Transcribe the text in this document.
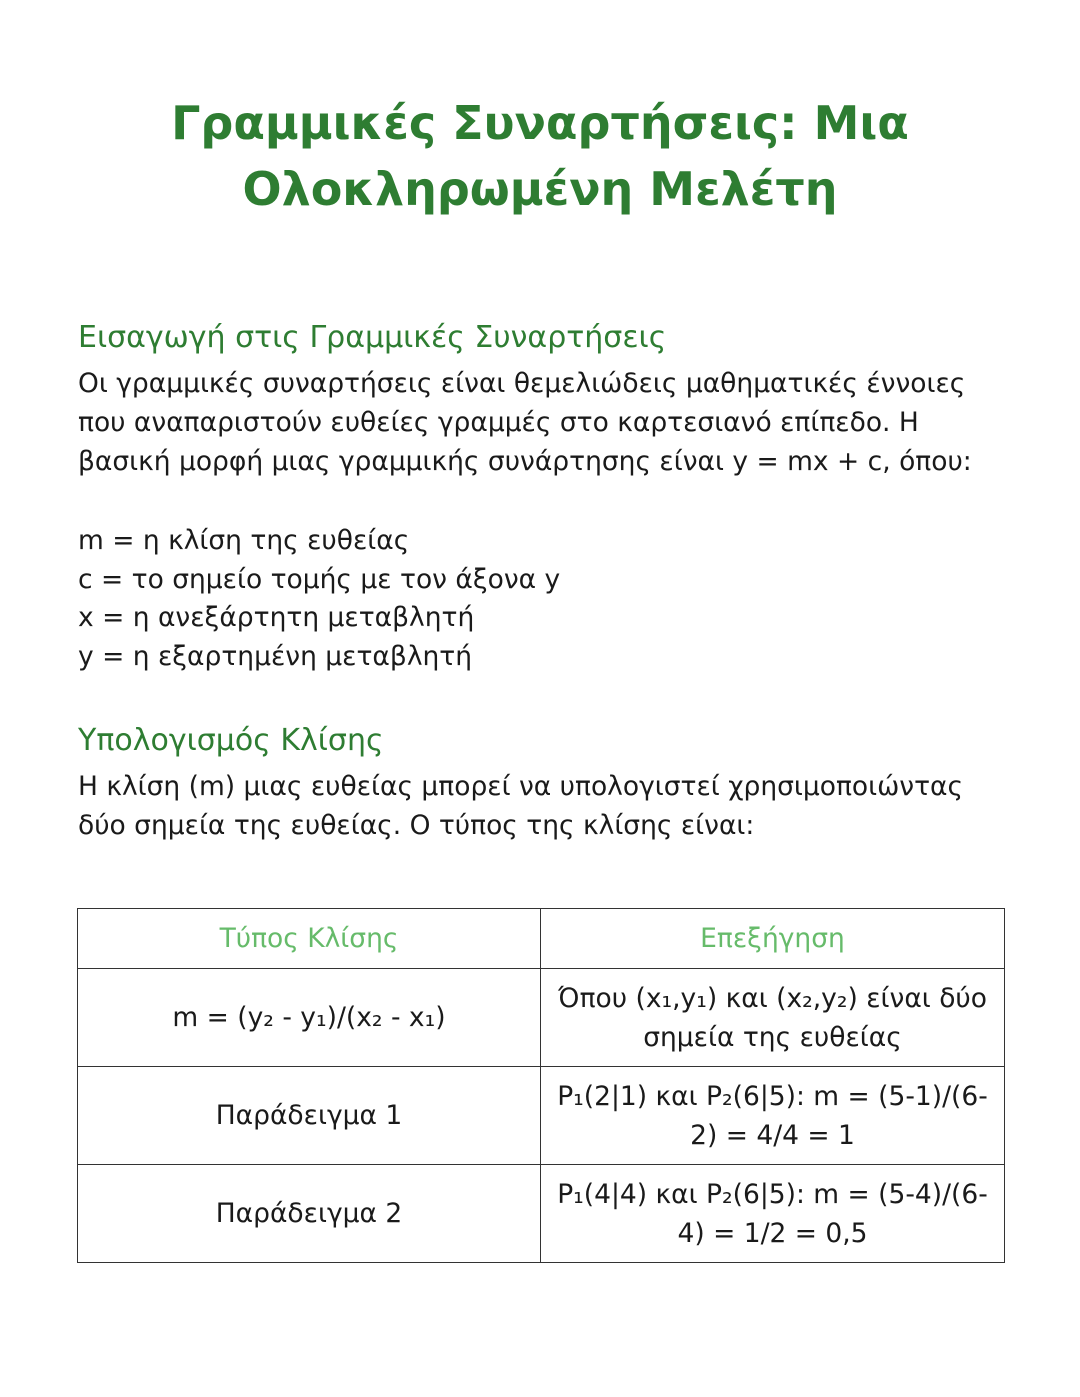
Γραμμικές Συναρτήσεις: Μια Ολοκληρωμένη Μελέτη
Εισαγωγή στις Γραμμικές Συναρτήσεις

Οι γραμμικές συναρτήσεις είναι θεμελιώδεις μαθηματικές έννοιες που αναπαριστούν ευθείες γραμμές στο καρτεσιανό επίπεδο. Η βασική μορφή μιας γραμμικής συνάρτησης είναι y = mx + c, όπου:

m = η κλίση της ευθείας
c = το σημείο τομής με τον άξονα y
x = η ανεξάρτητη μεταβλητή
y = η εξαρτημένη μεταβλητή
Υπολογισμός Κλίσης

Η κλίση (m) μιας ευθείας μπορεί να υπολογιστεί χρησιμοποιώντας δύο σημεία της ευθείας. Ο τύπος της κλίσης είναι:

Τύπος Κλίσης	Επεξήγηση
m = (y₂ - y₁)/(x₂ - x₁)	Όπου (x₁,y₁) και (x₂,y₂) είναι δύο σημεία της ευθείας
Παράδειγμα 1	P₁(2|1) και P₂(6|5): m = (5-1)/(6-2) = 4/4 = 1
Παράδειγμα 2	P₁(4|4) και P₂(6|5): m = (5-4)/(6-4) = 1/2 = 0,5
